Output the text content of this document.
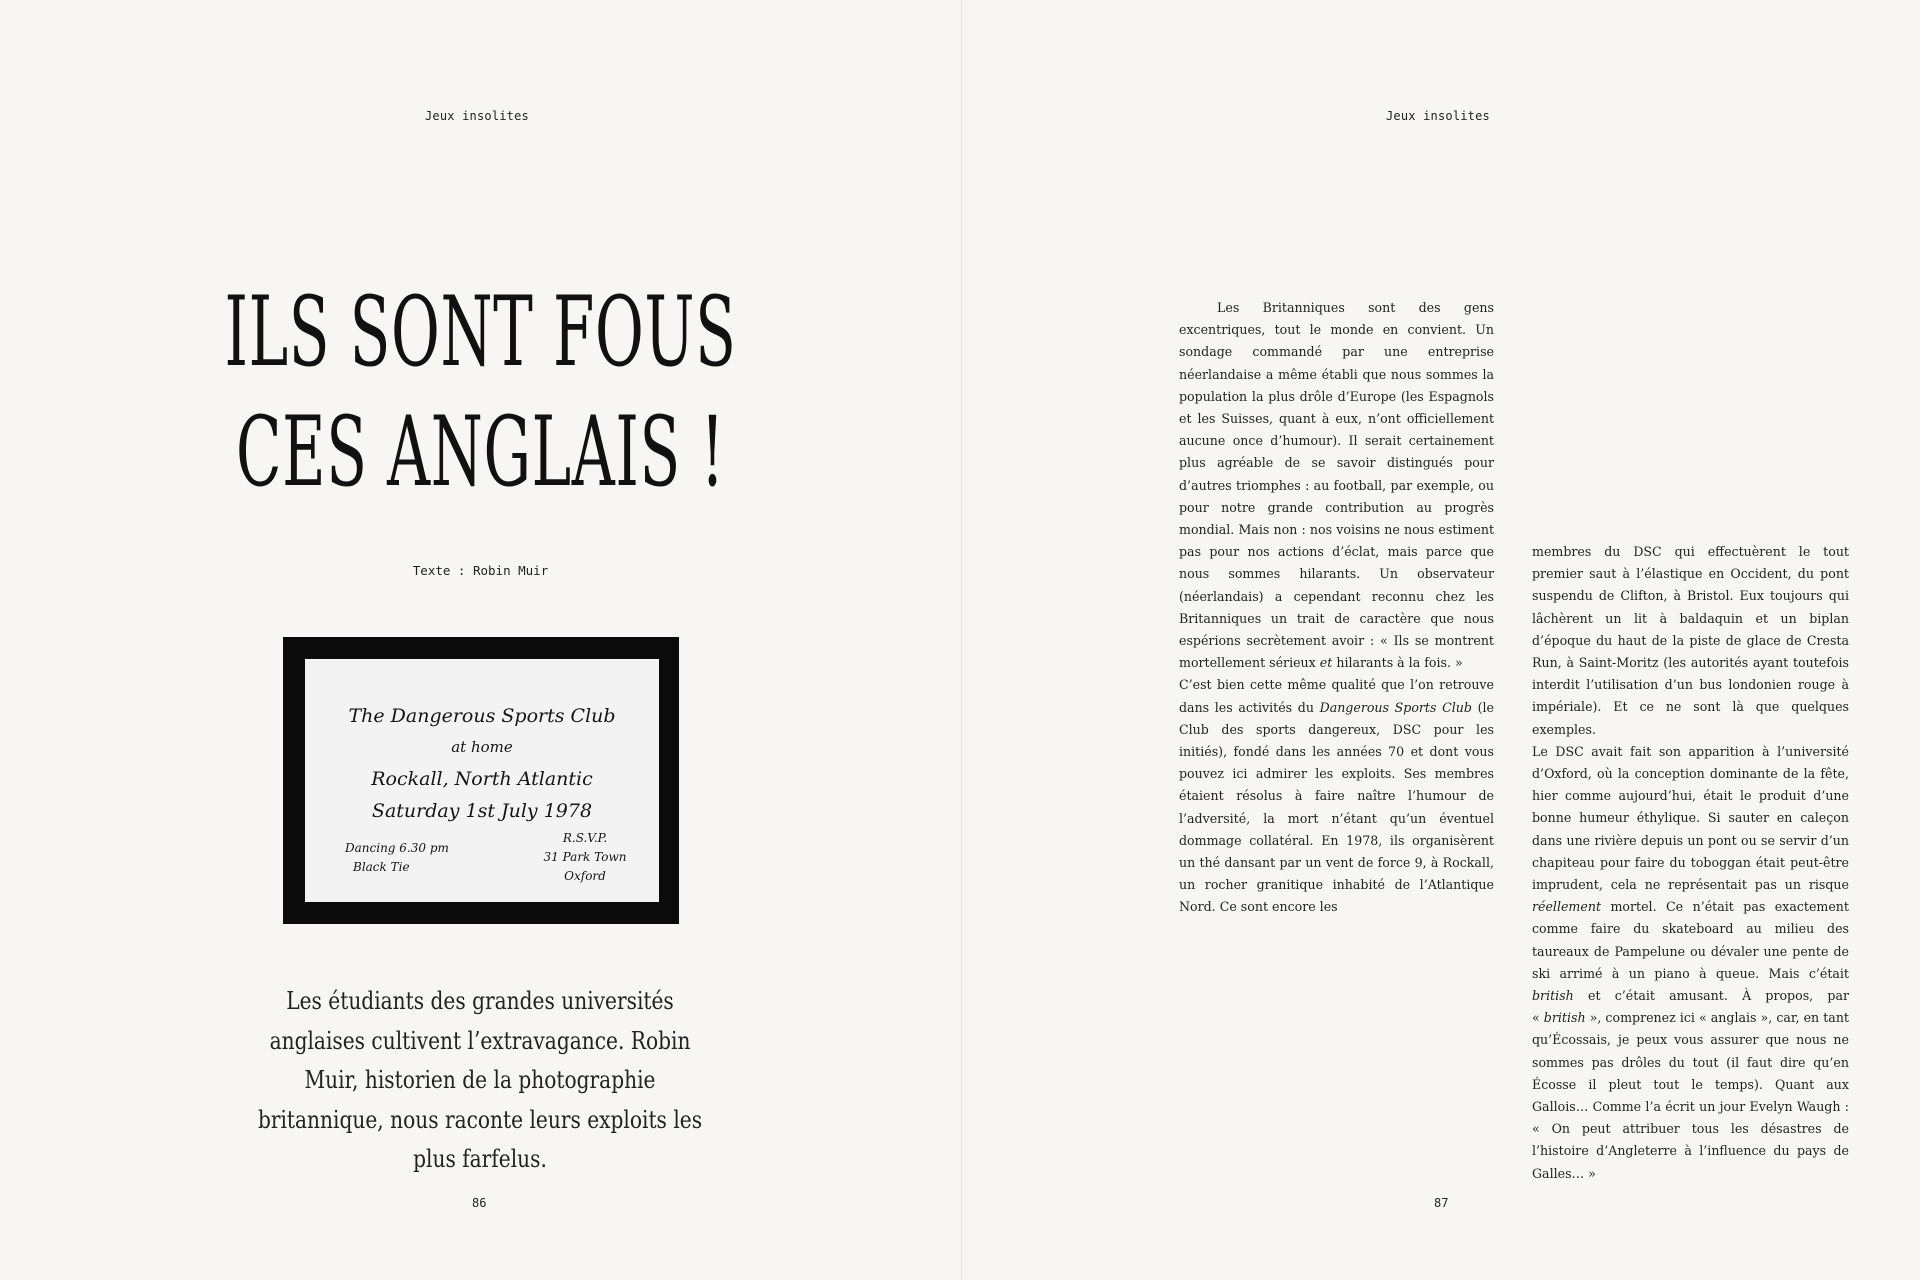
Jeux insolites
ILS SONT FOUS
CES ANGLAIS !
Texte : Robin Muir
The Dangerous Sports Club
at home
Rockall, North Atlantic
Saturday 1st July 1978
Dancing 6.30 pm
Black Tie
R.S.V.P.
31 Park Town
Oxford
Les étudiants des grandes universités anglaises cultivent l’extravagance. Robin Muir, historien de la photographie britannique, nous raconte leurs exploits les plus farfelus.
86
Jeux insolites

Les Britanniques sont des gens excentriques, tout le monde en convient. Un sondage commandé par une entreprise néerlandaise a même établi que nous sommes la population la plus drôle d’Europe (les Espagnols et les Suisses, quant à eux, n’ont officiellement aucune once d’humour). Il serait certainement plus agréable de se savoir distingués pour d’autres triomphes : au football, par exemple, ou pour notre grande contribution au progrès mondial. Mais non : nos voisins ne nous estiment pas pour nos actions d’éclat, mais parce que nous sommes hilarants. Un observateur (néerlandais) a cependant reconnu chez les Britanniques un trait de caractère que nous espérions secrètement avoir : « Ils se montrent mortellement sérieux et hilarants à la fois. »

C’est bien cette même qualité que l’on retrouve dans les activités du Dangerous Sports Club (le Club des sports dangereux, DSC pour les initiés), fondé dans les années 70 et dont vous pouvez ici admirer les exploits. Ses membres étaient résolus à faire naître l’humour de l’adversité, la mort n’étant qu’un éventuel dommage collatéral. En 1978, ils organisèrent un thé dansant par un vent de force 9, à Rockall, un rocher granitique inhabité de l’Atlantique Nord. Ce sont encore les

membres du DSC qui effectuèrent le tout premier saut à l’élastique en Occident, du pont suspendu de Clifton, à Bristol. Eux toujours qui lâchèrent un lit à baldaquin et un biplan d’époque du haut de la piste de glace de Cresta Run, à Saint-Moritz (les autorités ayant toutefois interdit l’utilisation d’un bus londonien rouge à impériale). Et ce ne sont là que quelques exemples.

Le DSC avait fait son apparition à l’université d’Oxford, où la conception dominante de la fête, hier comme aujourd’hui, était le produit d’une bonne humeur éthylique. Si sauter en caleçon dans une rivière depuis un pont ou se servir d’un chapiteau pour faire du toboggan était peut-être imprudent, cela ne représentait pas un risque réellement mortel. Ce n’était pas exactement comme faire du skateboard au milieu des taureaux de Pampelune ou dévaler une pente de ski arrimé à un piano à queue. Mais c’était british et c’était amusant. À propos, par « british », comprenez ici « anglais », car, en tant qu’Écossais, je peux vous assurer que nous ne sommes pas drôles du tout (il faut dire qu’en Écosse il pleut tout le temps). Quant aux Gallois… Comme l’a écrit un jour Evelyn Waugh : « On peut attribuer tous les désastres de l’histoire d’Angleterre à l’influence du pays de Galles… »

87
